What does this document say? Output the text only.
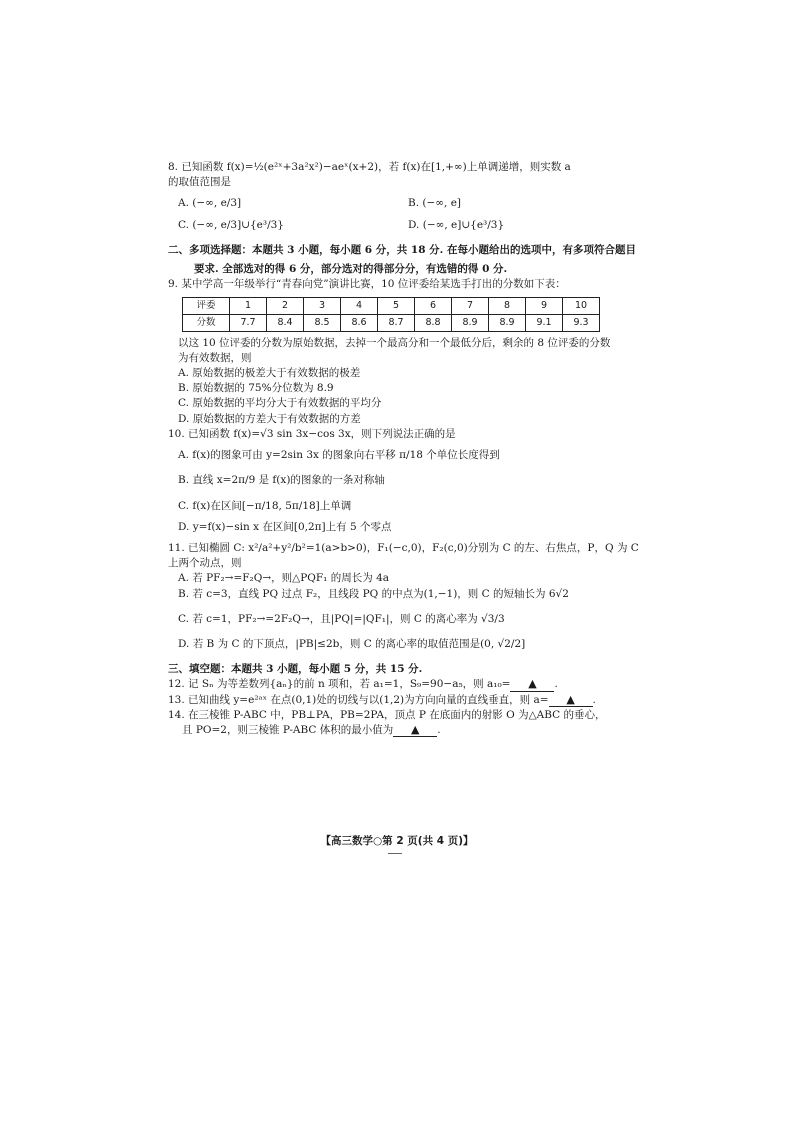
8. 已知函数 f(x)=½(e²ˣ+3a²x²)−aeˣ(x+2)，若 f(x)在[1,+∞)上单调递增，则实数 a
的取值范围是
A. (−∞, e/3]	B. (−∞, e]
C. (−∞, e/3]∪{e³/3}	D. (−∞, e]∪{e³/3}
二、多项选择题：本题共 3 小题，每小题 6 分，共 18 分. 在每小题给出的选项中，有多项符合题目
要求. 全部选对的得 6 分，部分选对的得部分分，有选错的得 0 分.
9. 某中学高一年级举行“青春向党”演讲比赛，10 位评委给某选手打出的分数如下表：
评委	1	2	3	4	5	6	7	8	9	10
分数	7.7	8.4	8.5	8.6	8.7	8.8	8.9	8.9	9.1	9.3
以这 10 位评委的分数为原始数据，去掉一个最高分和一个最低分后，剩余的 8 位评委的分数
为有效数据，则
A. 原始数据的极差大于有效数据的极差
B. 原始数据的 75%分位数为 8.9
C. 原始数据的平均分大于有效数据的平均分
D. 原始数据的方差大于有效数据的方差
10. 已知函数 f(x)=√3 sin 3x−cos 3x，则下列说法正确的是
A. f(x)的图象可由 y=2sin 3x 的图象向右平移 π/18 个单位长度得到
B. 直线 x=2π/9 是 f(x)的图象的一条对称轴
C. f(x)在区间[−π/18, 5π/18]上单调
D. y=f(x)−sin x 在区间[0,2π]上有 5 个零点
11. 已知椭圆 C: x²/a²+y²/b²=1(a>b>0)，F₁(−c,0)，F₂(c,0)分别为 C 的左、右焦点，P，Q 为 C
上两个动点，则
A. 若 PF₂→=F₂Q→，则△PQF₁ 的周长为 4a
B. 若 c=3，直线 PQ 过点 F₂，且线段 PQ 的中点为(1,−1)，则 C 的短轴长为 6√2
C. 若 c=1，PF₂→=2F₂Q→，且|PQ|=|QF₁|，则 C 的离心率为 √3/3
D. 若 B 为 C 的下顶点，|PB|≤2b，则 C 的离心率的取值范围是(0, √2/2]
三、填空题：本题共 3 小题，每小题 5 分，共 15 分.
12. 记 Sₙ 为等差数列{aₙ}的前 n 项和，若 a₁=1，S₉=90−a₅，则 a₁₀= ▲ .
13. 已知曲线 y=e²ᵃˣ 在点(0,1)处的切线与以(1,2)为方向向量的直线垂直，则 a= ▲ .
14. 在三棱锥 P-ABC 中，PB⊥PA，PB=2PA，顶点 P 在底面内的射影 O 为△ABC 的垂心，
且 PO=2，则三棱锥 P-ABC 体积的最小值为 ▲ .
【高三数学○第 2 页(共 4 页)】
